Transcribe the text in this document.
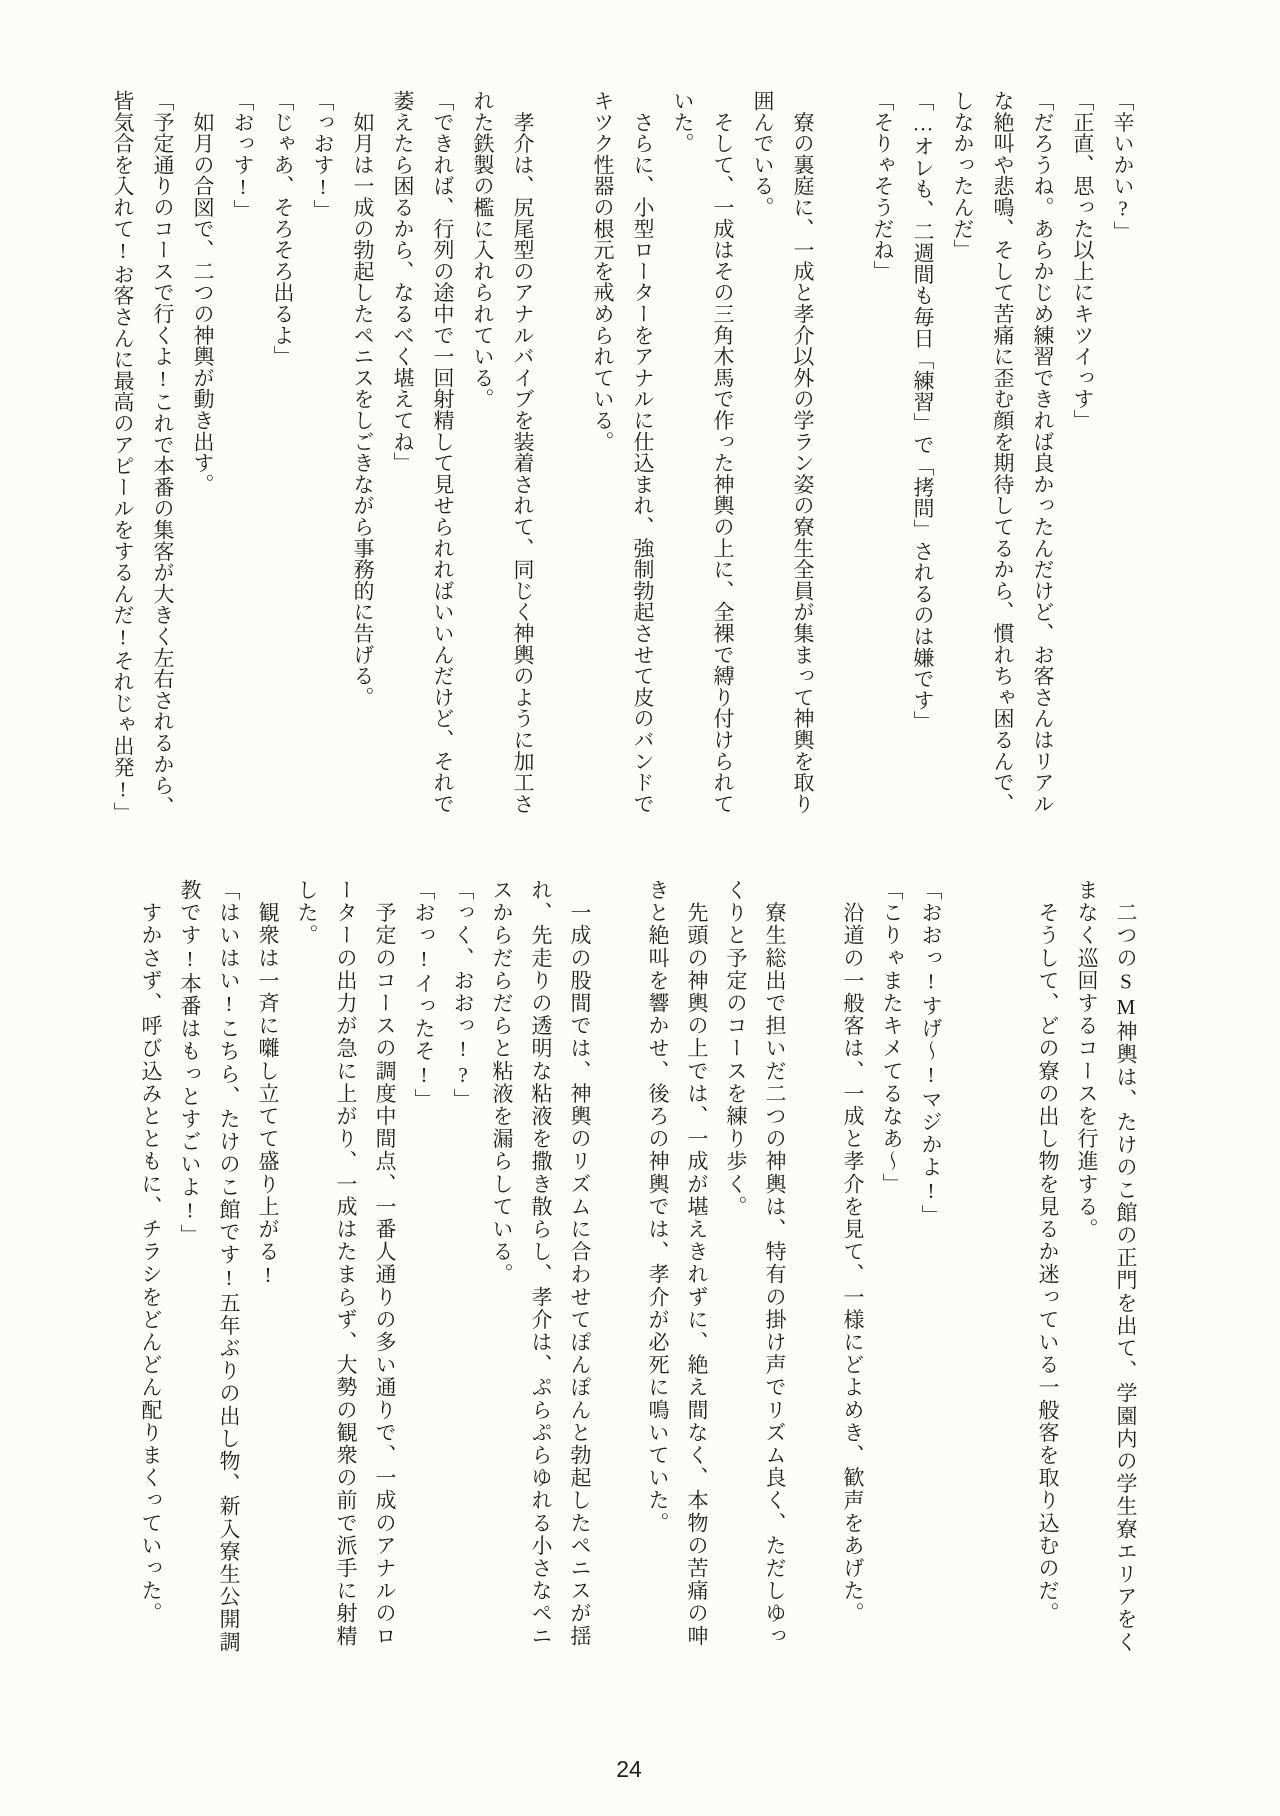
「辛いかい?」

「正直、思った以上にキツイっす」

「だろうね。あらかじめ練習できれば良かったんだけど、お客さんはリアル

な絶叫や悲鳴、そして苦痛に歪む顔を期待してるから、慣れちゃ困るんで、

しなかったんだ」

「…オレも、二週間も毎日「練習」で「拷問」されるのは嫌です」

「そりゃそうだね」

　寮の裏庭に、一成と孝介以外の学ラン姿の寮生全員が集まって神輿を取り

囲んでいる。

　そして、一成はその三角木馬で作った神輿の上に、全裸で縛り付けられて

いた。

　さらに、小型ローターをアナルに仕込まれ、強制勃起させて皮のバンドで

キツク性器の根元を戒められている。

　孝介は、尻尾型のアナルバイブを装着されて、同じく神輿のように加工さ

れた鉄製の檻に入れられている。

「できれば、行列の途中で一回射精して見せられればいいんだけど、それで

萎えたら困るから、なるべく堪えてね」

　如月は一成の勃起したペニスをしごきながら事務的に告げる。

「っおす!」

「じゃあ、そろそろ出るよ」

「おっす!」

　如月の合図で、二つの神輿が動き出す。

「予定通りのコースで行くよ!これで本番の集客が大きく左右されるから、

皆気合を入れて!お客さんに最高のアピールをするんだ!それじゃ出発!」

　二つのSM神輿は、たけのこ館の正門を出て、学園内の学生寮エリアをく

まなく巡回するコースを行進する。

　そうして、どの寮の出し物を見るか迷っている一般客を取り込むのだ。

「おおっ!すげ〜!マジかよ!」

「こりゃまたキメてるなあ〜」

　沿道の一般客は、一成と孝介を見て、一様にどよめき、歓声をあげた。

　寮生総出で担いだ二つの神輿は、特有の掛け声でリズム良く、ただしゆっ

くりと予定のコースを練り歩く。

　先頭の神輿の上では、一成が堪えきれずに、絶え間なく、本物の苦痛の呻

きと絶叫を響かせ、後ろの神輿では、孝介が必死に鳴いていた。

　一成の股間では、神輿のリズムに合わせてぽんぽんと勃起したペニスが揺

れ、先走りの透明な粘液を撒き散らし、孝介は、ぷらぷらゆれる小さなペニ

スからだらだらと粘液を漏らしている。

「っく、おおっ!?」

「おっ!イったそ!」

　予定のコースの調度中間点、一番人通りの多い通りで、一成のアナルのロ

ーターの出力が急に上がり、一成はたまらず、大勢の観衆の前で派手に射精

した。

　観衆は一斉に囃し立てて盛り上がる!

「はいはい!こちら、たけのこ館です!五年ぶりの出し物、新入寮生公開調

教です!本番はもっとすごいよ!」

　すかさず、呼び込みとともに、チラシをどんどん配りまくっていった。

24
